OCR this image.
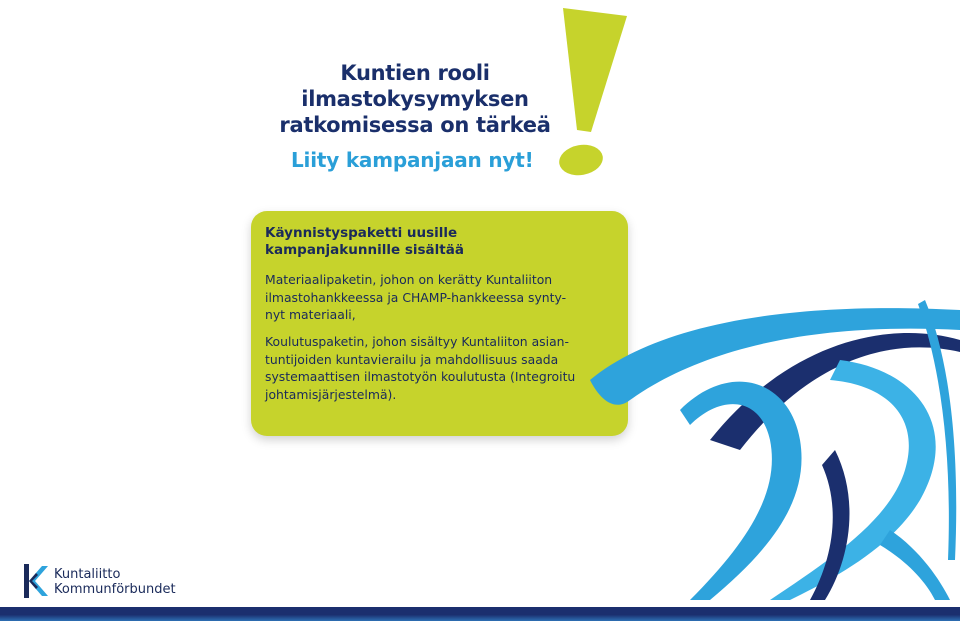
Kuntien rooli
ilmastokysymyksen
ratkomisessa on tärkeä
Liity kampanjaan nyt!
Käynnistyspaketti uusille
kampanjakunnille sisältää
Materiaalipaketin, johon on kerätty Kuntaliiton
ilmastohankkeessa ja CHAMP-hankkeessa synty-
nyt materiaali,
Koulutuspaketin, johon sisältyy Kuntaliiton asian-
tuntijoiden kuntavierailu ja mahdollisuus saada
systemaattisen ilmastotyön koulutusta (Integroitu
johtamisjärjestelmä).
Kuntaliitto
Kommunförbundet
